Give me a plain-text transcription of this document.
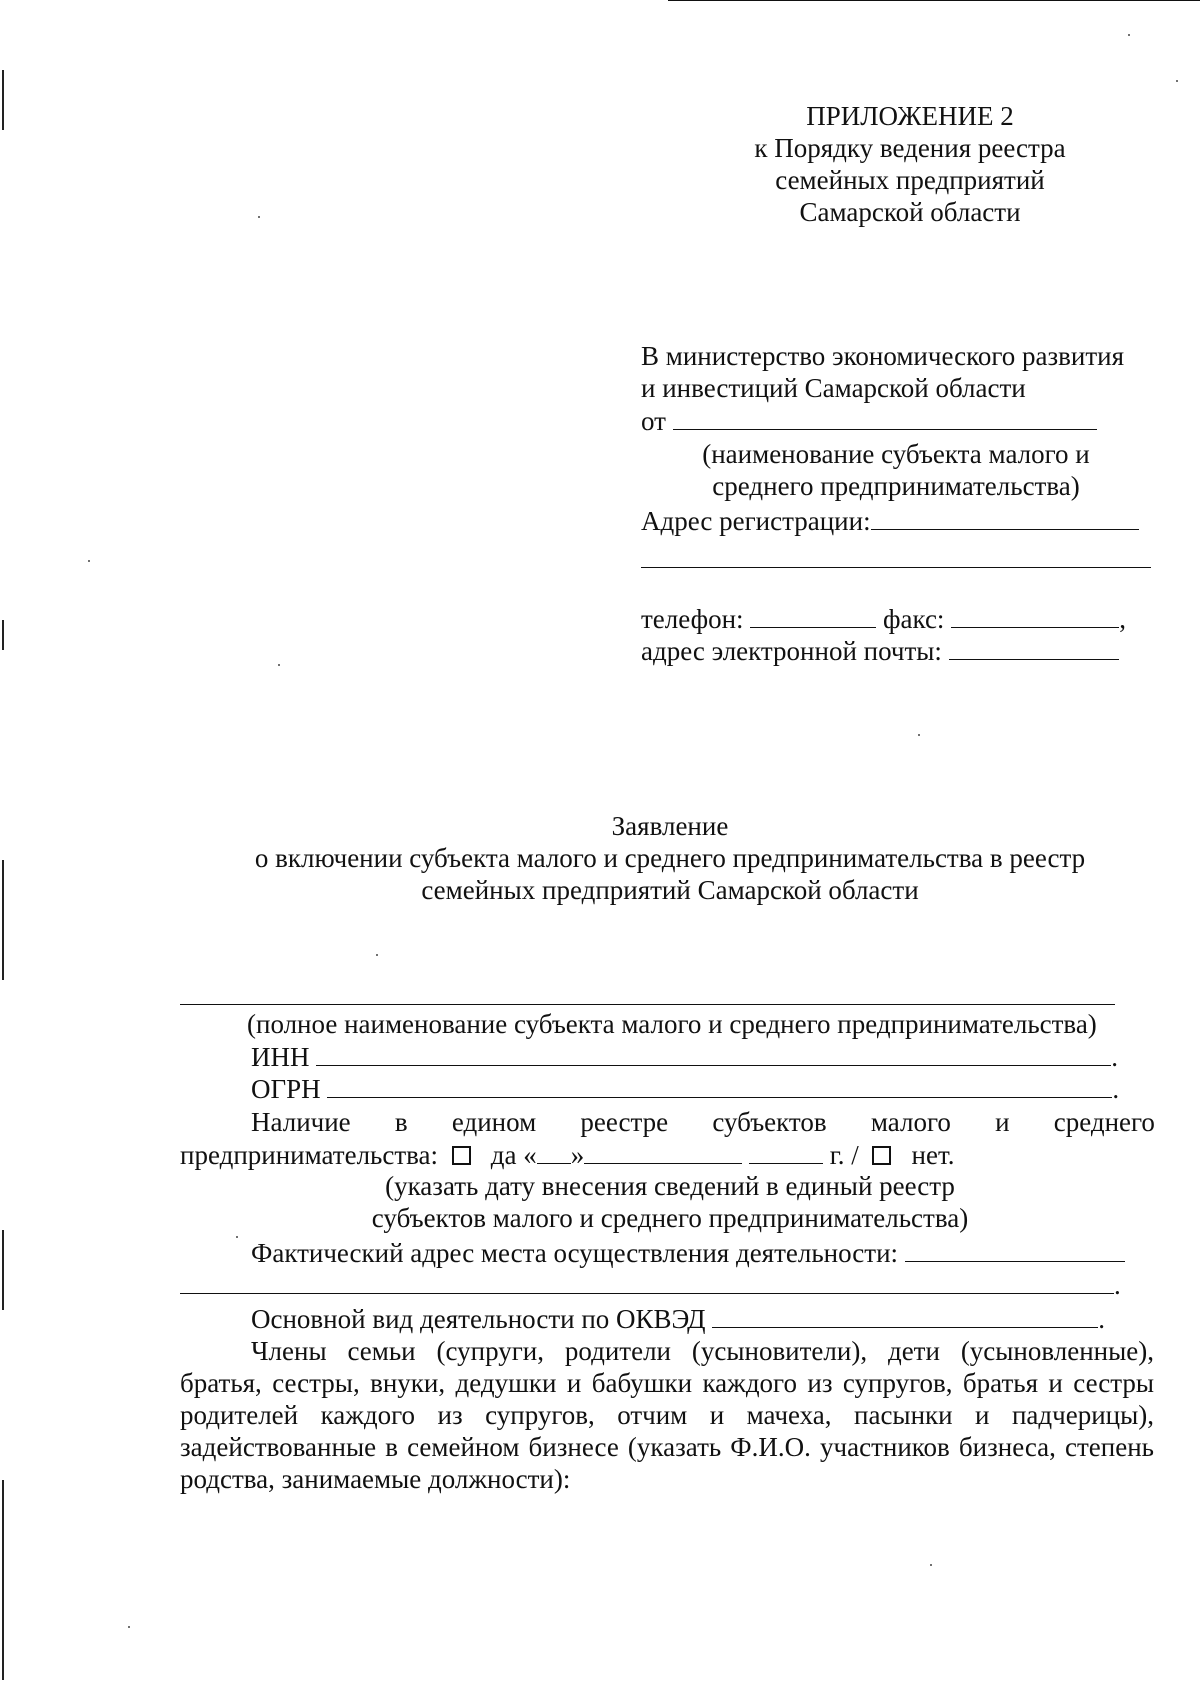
ПРИЛОЖЕНИЕ 2
к Порядку ведения реестра
семейных предприятий
Самарской области
В министерство экономического развития
и инвестиций Самарской области
от
(наименование субъекта малого и
среднего предпринимательства)
Адрес регистрации:
телефон:	факс:	,
адрес электронной почты:
Заявление
о включении субъекта малого и среднего предпринимательства в реестр
семейных предприятий Самарской области
(полное наименование субъекта малого и среднего предпринимательства)
ИНН	.
ОГРН	.
Наличие в едином реестре субъектов малого и среднего
предпринимательства: да « »	г. / нет.
(указать дату внесения сведений в единый реестр
субъектов малого и среднего предпринимательства)
Фактический адрес места осуществления деятельности:
.
Основной вид деятельности по ОКВЭД	.
Члены семьи (супруги, родители (усыновители), дети (усыновленные), братья, сестры, внуки, дедушки и бабушки каждого из супругов, братья и сестры родителей каждого из супругов, отчим и мачеха, пасынки и падчерицы), задействованные в семейном бизнесе (указать Ф.И.О. участников бизнеса, степень родства, занимаемые должности):
